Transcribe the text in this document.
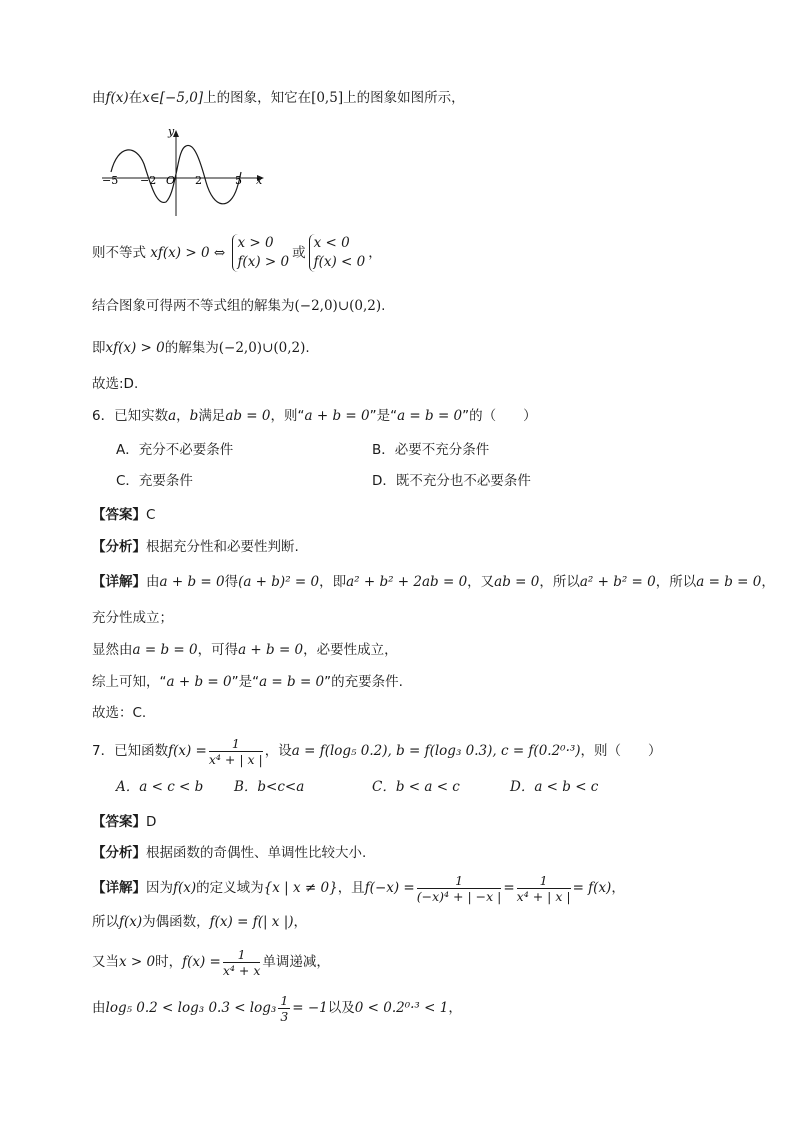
由f(x)在x∈[−5,0]上的图象，知它在[0,5]上的图象如图所示，
y
x
−5 −2 O 2	5
则不等式 xf(x) > 0 ⇔
x > 0
f(x) > 0
或
x < 0
f(x) < 0
，
结合图象可得两不等式组的解集为(−2,0)∪(0,2).
即xf(x) > 0的解集为(−2,0)∪(0,2).
故选:D.
6．已知实数a，b满足ab = 0，则“a + b = 0”是“a = b = 0”的（　　）
A．充分不必要条件	B．必要不充分条件
C．充要条件	D．既不充分也不必要条件
【答案】C
【分析】根据充分性和必要性判断.
【详解】由a + b = 0得(a + b)² = 0，即a² + b² + 2ab = 0，又ab = 0，所以a² + b² = 0，所以a = b = 0，
充分性成立；
显然由a = b = 0，可得a + b = 0，必要性成立，
综上可知，“a + b = 0”是“a = b = 0”的充要条件.
故选：C.
7．已知函数$f(x) = \frac{1}{\text{x⁴ + | x |}}$ ，设a = f(log₅ 0.2), b = f(log₃ 0.3), c = f(0.2⁰·³)，则（　　）
A．a < c < b B．b<c<a	C．b < a < c	D．a < b < c
【答案】D
【分析】根据函数的奇偶性、单调性比较大小.
【详解】因为f(x)的定义域为{x | x ≠ 0}，且$f(-x) = \frac{1}{\text{(−x)⁴ + | −x |}} = \frac{1}{\text{x⁴ + | x |}} = f(x)$，
所以f(x)为偶函数，f(x) = f(| x |)，
又当x > 0时，$f(x) = \frac{1}{\text{x⁴ + x}}$ 单调递减，
由log₅ 0.2 < log₃ $0.3 < \log_3 \frac{1}{3} = -1$以及0 < 0.2⁰·³ < 1，
